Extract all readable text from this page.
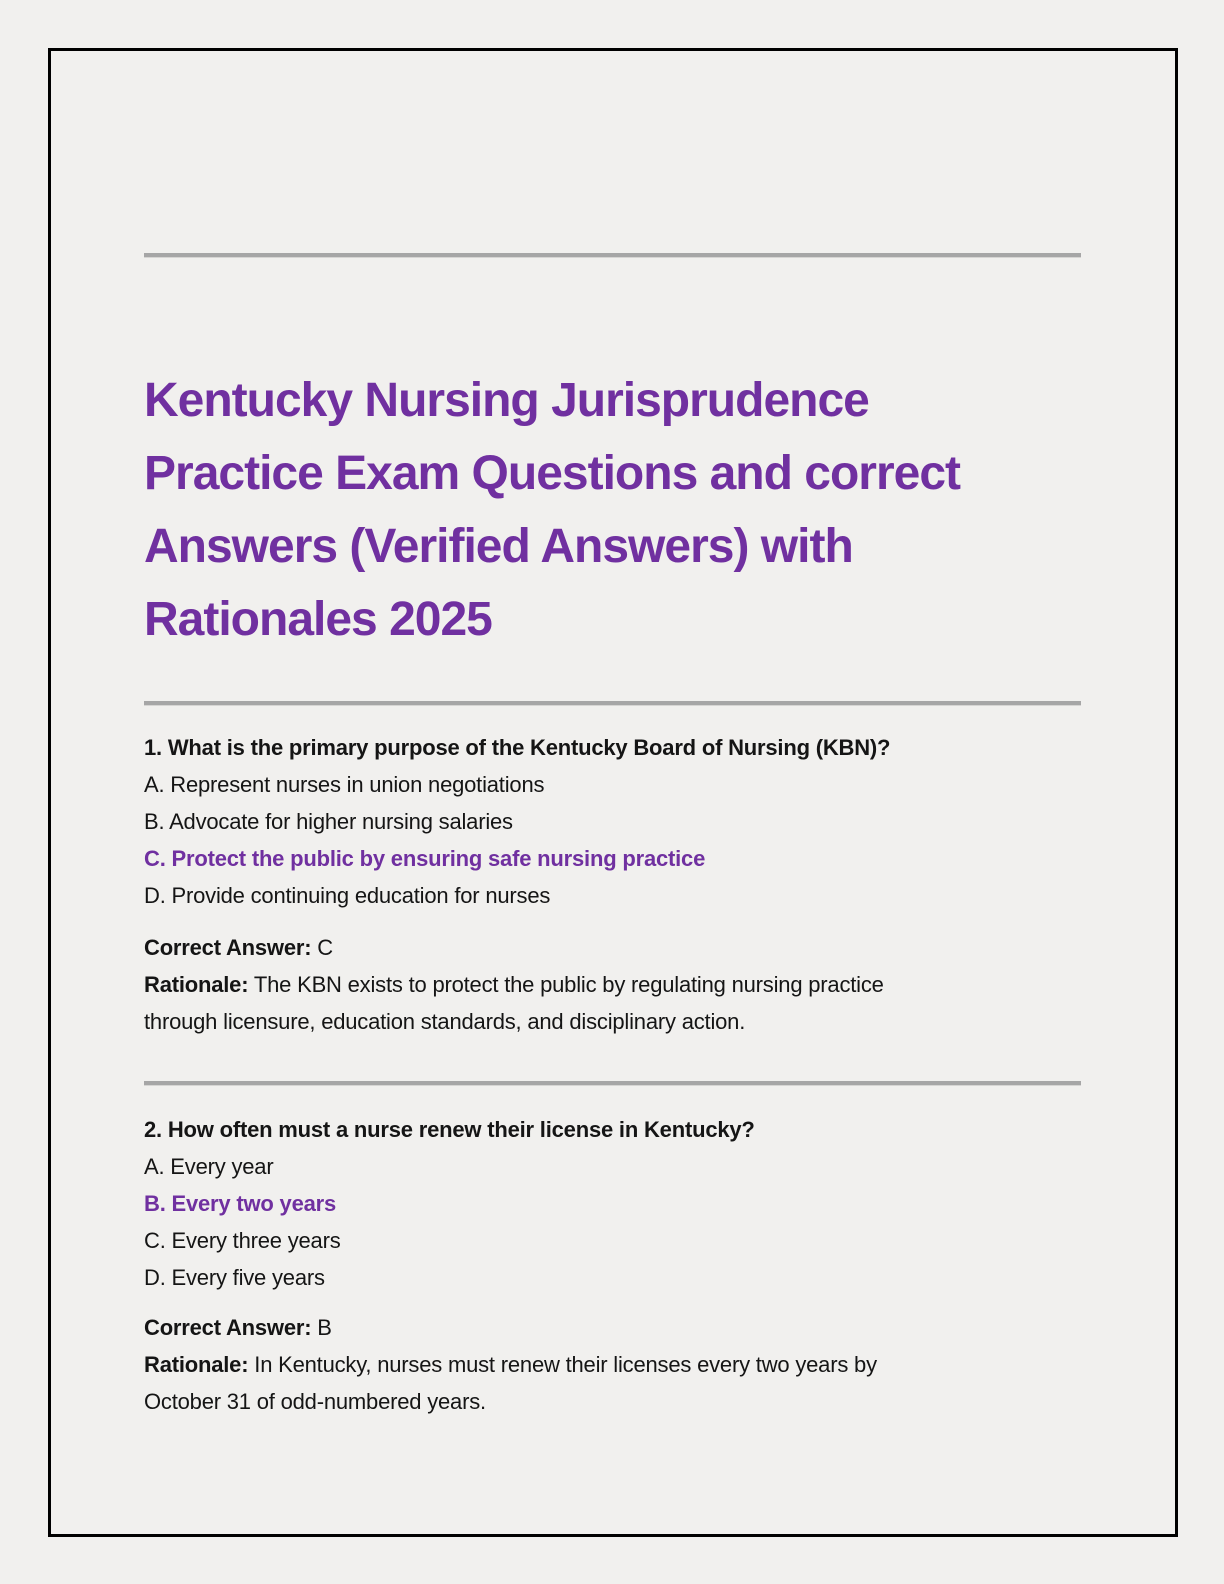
Kentucky Nursing Jurisprudence
Practice Exam Questions and correct
Answers (Verified Answers) with
Rationales 2025
1. What is the primary purpose of the Kentucky Board of Nursing (KBN)?
A. Represent nurses in union negotiations
B. Advocate for higher nursing salaries
C. Protect the public by ensuring safe nursing practice
D. Provide continuing education for nurses
Correct Answer: C
Rationale: The KBN exists to protect the public by regulating nursing practice
through licensure, education standards, and disciplinary action.
2. How often must a nurse renew their license in Kentucky?
A. Every year
B. Every two years
C. Every three years
D. Every five years
Correct Answer: B
Rationale: In Kentucky, nurses must renew their licenses every two years by
October 31 of odd-numbered years.
